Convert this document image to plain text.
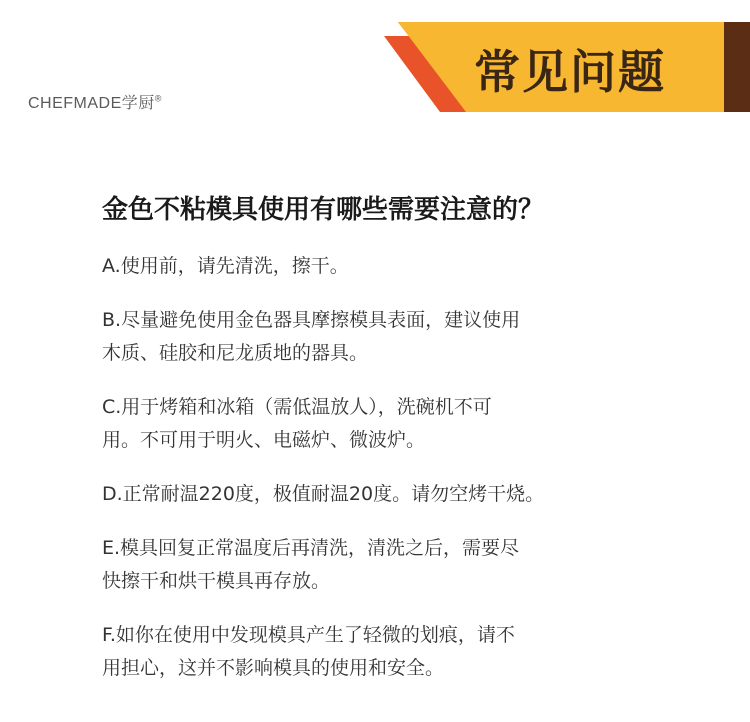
常见问题
CHEFMADE学厨®
金色不粘模具使用有哪些需要注意的？
A.使用前，请先清洗，擦干。
B.尽量避免使用金色器具摩擦模具表面，建议使用
木质、硅胶和尼龙质地的器具。
C.用于烤箱和冰箱（需低温放人），洗碗机不可
用。不可用于明火、电磁炉、微波炉。
D.正常耐温220度，极值耐温20度。请勿空烤干烧。
E.模具回复正常温度后再清洗，清洗之后，需要尽
快擦干和烘干模具再存放。
F.如你在使用中发现模具产生了轻微的划痕，请不
用担心，这并不影响模具的使用和安全。
